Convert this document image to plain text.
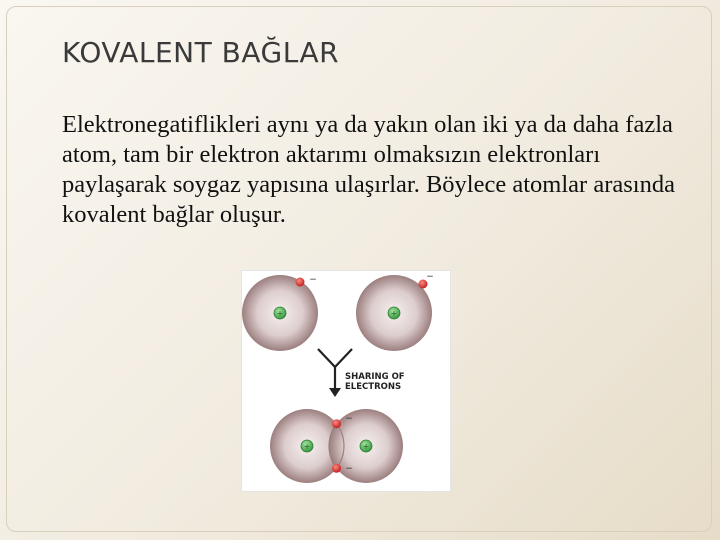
KOVALENT BAĞLAR

Elektronegatiflikleri aynı ya da yakın olan iki ya da daha fazla atom, tam bir elektron aktarımı olmaksızın elektronları paylaşarak soygaz yapısına ulaşırlar. Böylece atomlar arasında kovalent bağlar oluşur.

+
−
+
−
SHARING OF
ELECTRONS
+	+
−
−
